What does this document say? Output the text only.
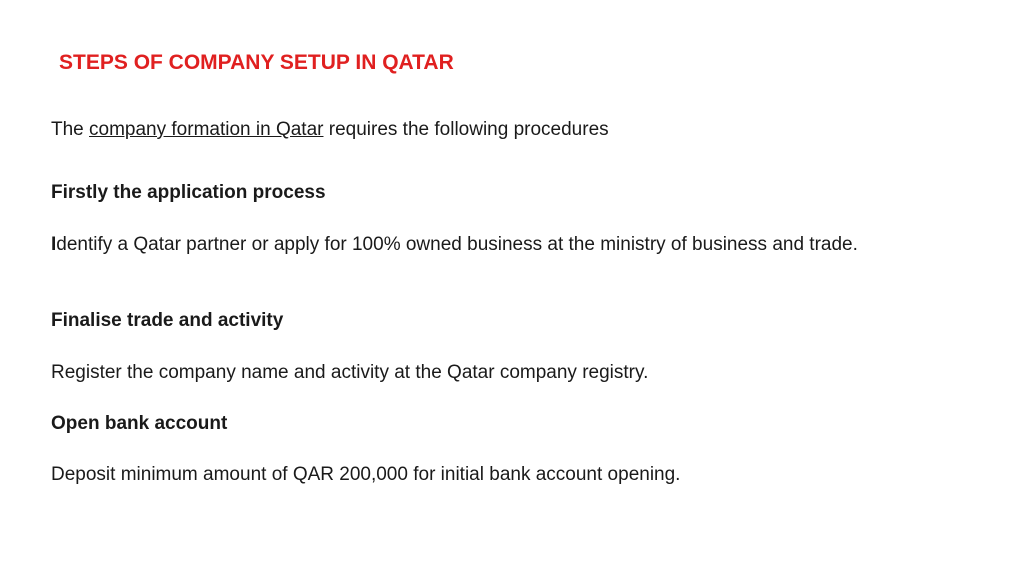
STEPS OF COMPANY SETUP IN QATAR

The company formation in Qatar requires the following procedures

Firstly the application process

Identify a Qatar partner or apply for 100% owned business at the ministry of business and trade.

Finalise trade and activity

Register the company name and activity at the Qatar company registry.

Open bank account

Deposit minimum amount of QAR 200,000 for initial bank account opening.
